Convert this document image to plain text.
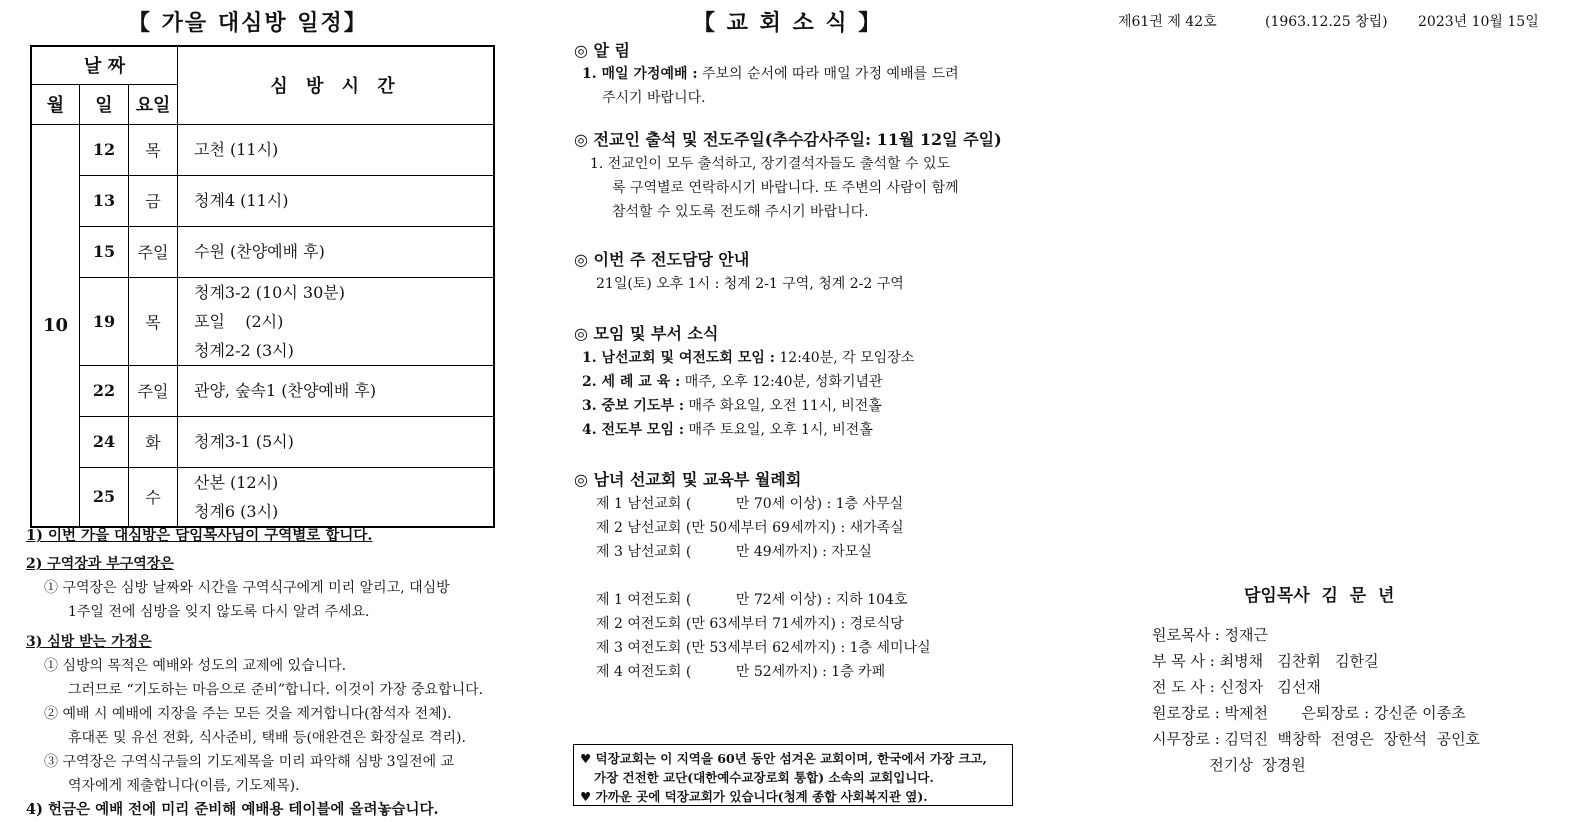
【 가을 대심방 일정】
날 짜			심 방 시 간
월	일	요일	
10	12	목	고천 (11시)
	13	금	청계4 (11시)
	15	주일	수원 (찬양예배 후)
	19	목	청계3-2 (10시 30분)
포일    (2시)
청계2-2 (3시)

	22	주일	관양, 숲속1 (찬양예배 후)
	24	화	청계3-1 (5시)
	25	수	산본 (12시)
청계6 (3시)
1) 이번 가을 대심방은 담임목사님이 구역별로 합니다.
2) 구역장과 부구역장은
① 구역장은 심방 날짜와 시간을 구역식구에게 미리 알리고, 대심방
1주일 전에 심방을 잊지 않도록 다시 알려 주세요.
3) 심방 받는 가정은
① 심방의 목적은 예배와 성도의 교제에 있습니다.
그러므로 “기도하는 마음으로 준비”합니다. 이것이 가장 중요합니다.
② 예배 시 예배에 지장을 주는 모든 것을 제거합니다(참석자 전체).
휴대폰 및 유선 전화, 식사준비, 택배 등(애완견은 화장실로 격리).
③ 구역장은 구역식구들의 기도제목을 미리 파악해 심방 3일전에 교
역자에게 제출합니다(이름, 기도제목).
4) 헌금은 예배 전에 미리 준비해 예배용 테이블에 올려놓습니다.
【 교 회 소 식 】
◎ 알 림
1. 매일 가정예배 : 주보의 순서에 따라 매일 가정 예배를 드려
주시기 바랍니다.
◎ 전교인 출석 및 전도주일(추수감사주일: 11월 12일 주일)
1. 전교인이 모두 출석하고, 장기결석자들도 출석할 수 있도
록 구역별로 연락하시기 바랍니다. 또 주변의 사람이 함께
참석할 수 있도록 전도해 주시기 바랍니다.
◎ 이번 주 전도담당 안내
21일(토) 오후 1시 : 청계 2-1 구역, 청계 2-2 구역
◎ 모임 및 부서 소식
1. 남선교회 및 여전도회 모임 : 12:40분, 각 모임장소
2. 세 례 교 육 : 매주, 오후 12:40분, 성화기념관
3. 중보 기도부 : 매주 화요일, 오전 11시, 비전홀
4. 전도부 모임 : 매주 토요일, 오후 1시, 비전홀
◎ 남녀 선교회 및 교육부 월례회
제 1 남선교회 (          만 70세 이상) : 1층 사무실
제 2 남선교회 (만 50세부터 69세까지) : 새가족실
제 3 남선교회 (          만 49세까지) : 자모실
제 1 여전도회 (          만 72세 이상) : 지하 104호
제 2 여전도회 (만 63세부터 71세까지) : 경로식당
제 3 여전도회 (만 53세부터 62세까지) : 1층 세미나실
제 4 여전도회 (          만 52세까지) : 1층 카페
♥ 덕장교회는 이 지역을 60년 동안 섬겨온 교회이며, 한국에서 가장 크고,
가장 건전한 교단(대한예수교장로회 통합) 소속의 교회입니다.
♥ 가까운 곳에 덕장교회가 있습니다(청계 종합 사회복지관 옆).
제61권 제 42호	(1963.12.25 창립) 2023년 10월 15일
담임목사  김  문  년
원로목사 : 정재근
부 목 사 : 최병채   김찬휘   김한길
전 도 사 : 신정자   김선재
원로장로 : 박제천       은퇴장로 : 강신준 이종초
시무장로 : 김덕진  백창학  전영은  장한석  공인호
전기상  장경원
